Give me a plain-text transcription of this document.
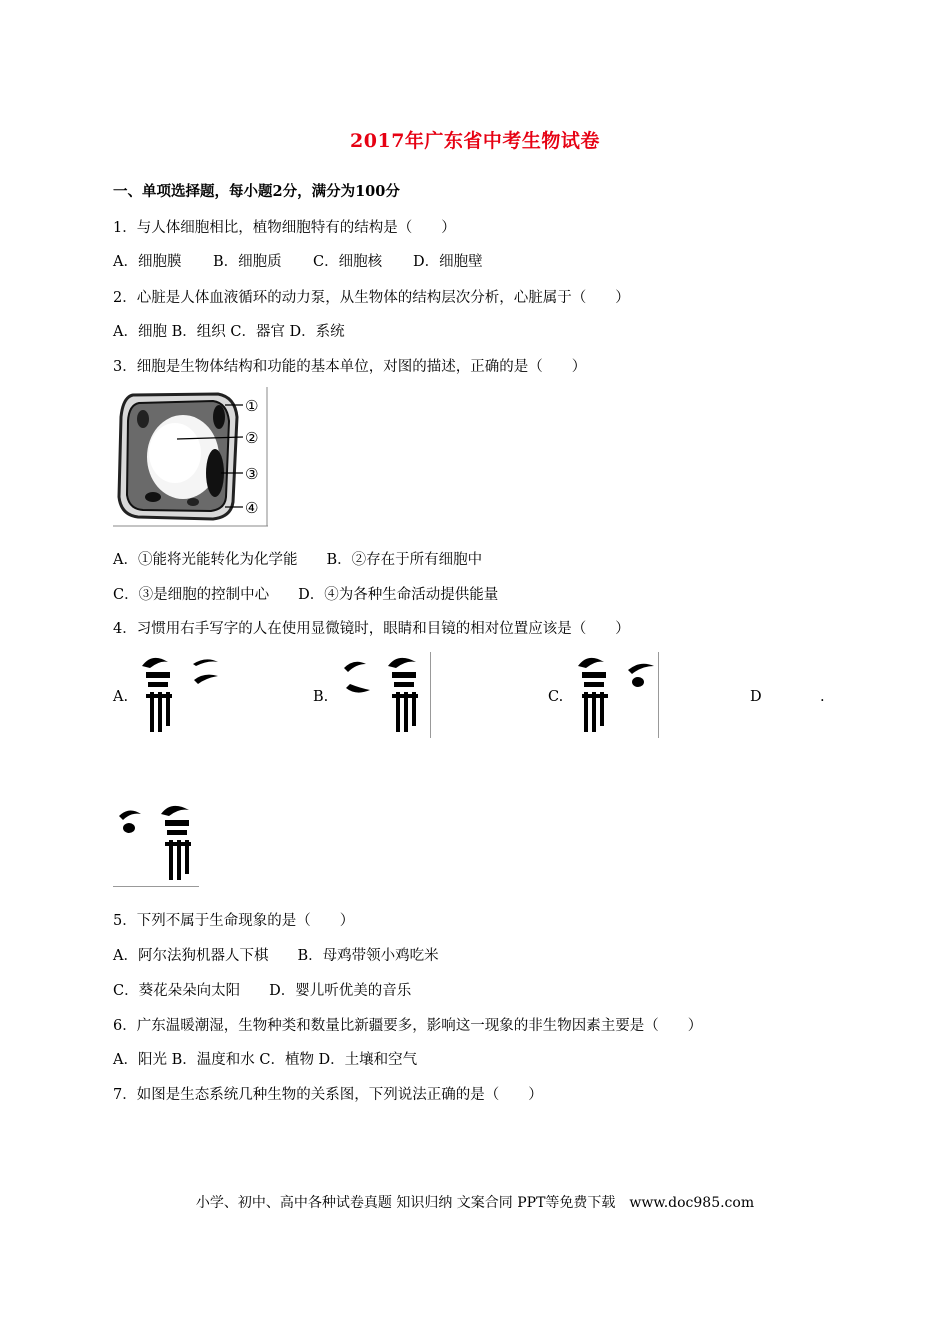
2017年广东省中考生物试卷
一、单项选择题，每小题2分，满分为100分
1．与人体细胞相比，植物细胞特有的结构是（　　）
A．细胞膜 B．细胞质 C．细胞核 D．细胞壁
2．心脏是人体血液循环的动力泵，从生物体的结构层次分析，心脏属于（　　）
A．细胞 B．组织 C．器官 D．系统
3．细胞是生物体结构和功能的基本单位，对图的描述，正确的是（　　）
①
②
③
④
A．①能将光能转化为化学能　　B．②存在于所有细胞中
C．③是细胞的控制中心　　D．④为各种生命活动提供能量
4．习惯用右手写字的人在使用显微镜时，眼睛和目镜的相对位置应该是（　　）
A.	B.	C.	D	.
5．下列不属于生命现象的是（　　）
A．阿尔法狗机器人下棋　　B．母鸡带领小鸡吃米
C．葵花朵朵向太阳　　D．婴儿听优美的音乐
6．广东温暖潮湿，生物种类和数量比新疆要多，影响这一现象的非生物因素主要是（　　）
A．阳光 B．温度和水 C．植物 D．土壤和空气
7．如图是生态系统几种生物的关系图，下列说法正确的是（　　）
小学、初中、高中各种试卷真题 知识归纳 文案合同 PPT等免费下载　www.doc985.com
